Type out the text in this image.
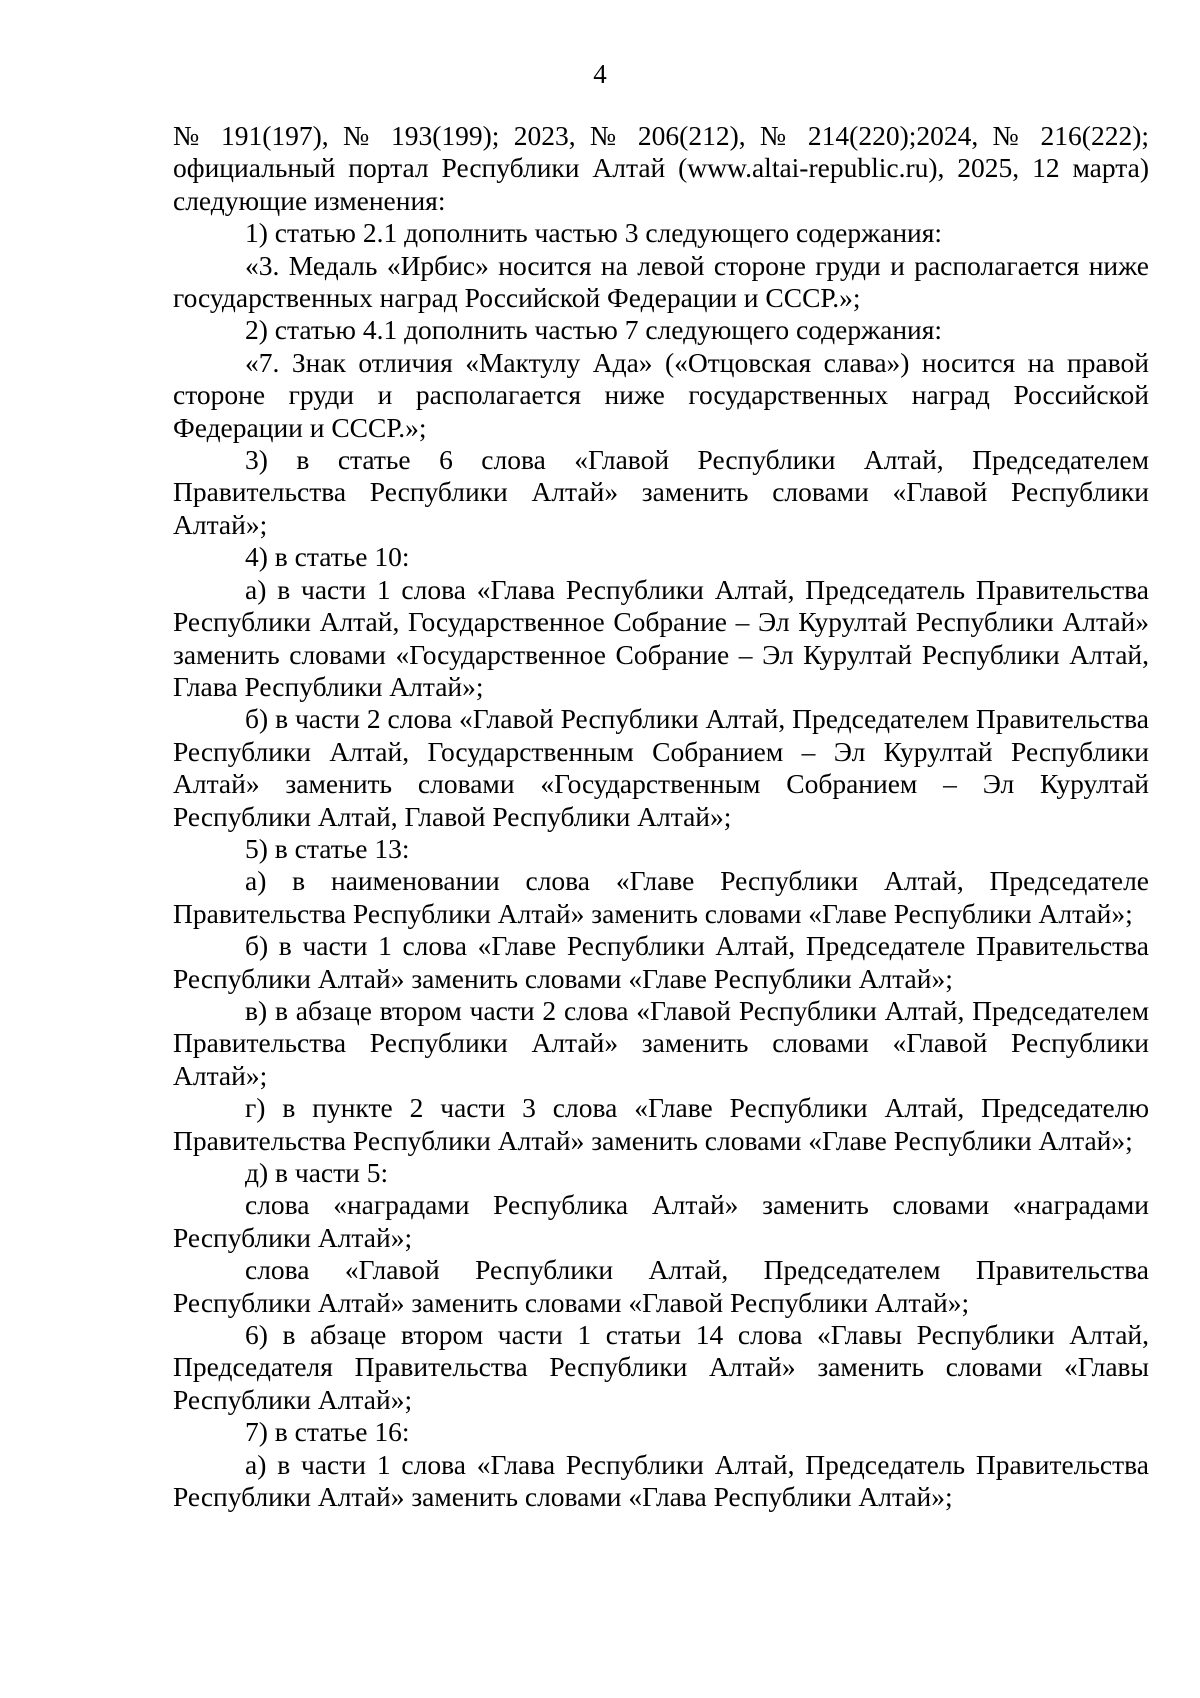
4

№ 191(197), № 193(199); 2023, № 206(212), № 214(220);2024, № 216(222); официальный портал Республики Алтай (www.altai-republic.ru), 2025, 12 марта) следующие изменения:

1) статью 2.1 дополнить частью 3 следующего содержания:

«3. Медаль «Ирбис» носится на левой стороне груди и располагается ниже государственных наград Российской Федерации и СССР.»;

2) статью 4.1 дополнить частью 7 следующего содержания:

«7. Знак отличия «Мактулу Ада» («Отцовская слава») носится на правой стороне груди и располагается ниже государственных наград Российской Федерации и СССР.»;

3) в статье 6 слова «Главой Республики Алтай, Председателем Правительства Республики Алтай» заменить словами «Главой Республики Алтай»;

4) в статье 10:

а) в части 1 слова «Глава Республики Алтай, Председатель Правительства Республики Алтай, Государственное Собрание – Эл Курултай Республики Алтай» заменить словами «Государственное Собрание – Эл Курултай Республики Алтай, Глава Республики Алтай»;

б) в части 2 слова «Главой Республики Алтай, Председателем Правительства Республики Алтай, Государственным Собранием – Эл Курултай Республики Алтай» заменить словами «Государственным Собранием – Эл Курултай Республики Алтай, Главой Республики Алтай»;

5) в статье 13:

а) в наименовании слова «Главе Республики Алтай, Председателе Правительства Республики Алтай» заменить словами «Главе Республики Алтай»;

б) в части 1 слова «Главе Республики Алтай, Председателе Правительства Республики Алтай» заменить словами «Главе Республики Алтай»;

в) в абзаце втором части 2 слова «Главой Республики Алтай, Председателем Правительства Республики Алтай» заменить словами «Главой Республики Алтай»;

г) в пункте 2 части 3 слова «Главе Республики Алтай, Председателю Правительства Республики Алтай» заменить словами «Главе Республики Алтай»;

д) в части 5:

слова «наградами Республика Алтай» заменить словами «наградами Республики Алтай»;

слова «Главой Республики Алтай, Председателем Правительства Республики Алтай» заменить словами «Главой Республики Алтай»;

6) в абзаце втором части 1 статьи 14 слова «Главы Республики Алтай, Председателя Правительства Республики Алтай» заменить словами «Главы Республики Алтай»;

7) в статье 16:

а) в части 1 слова «Глава Республики Алтай, Председатель Правительства Республики Алтай» заменить словами «Глава Республики Алтай»;
